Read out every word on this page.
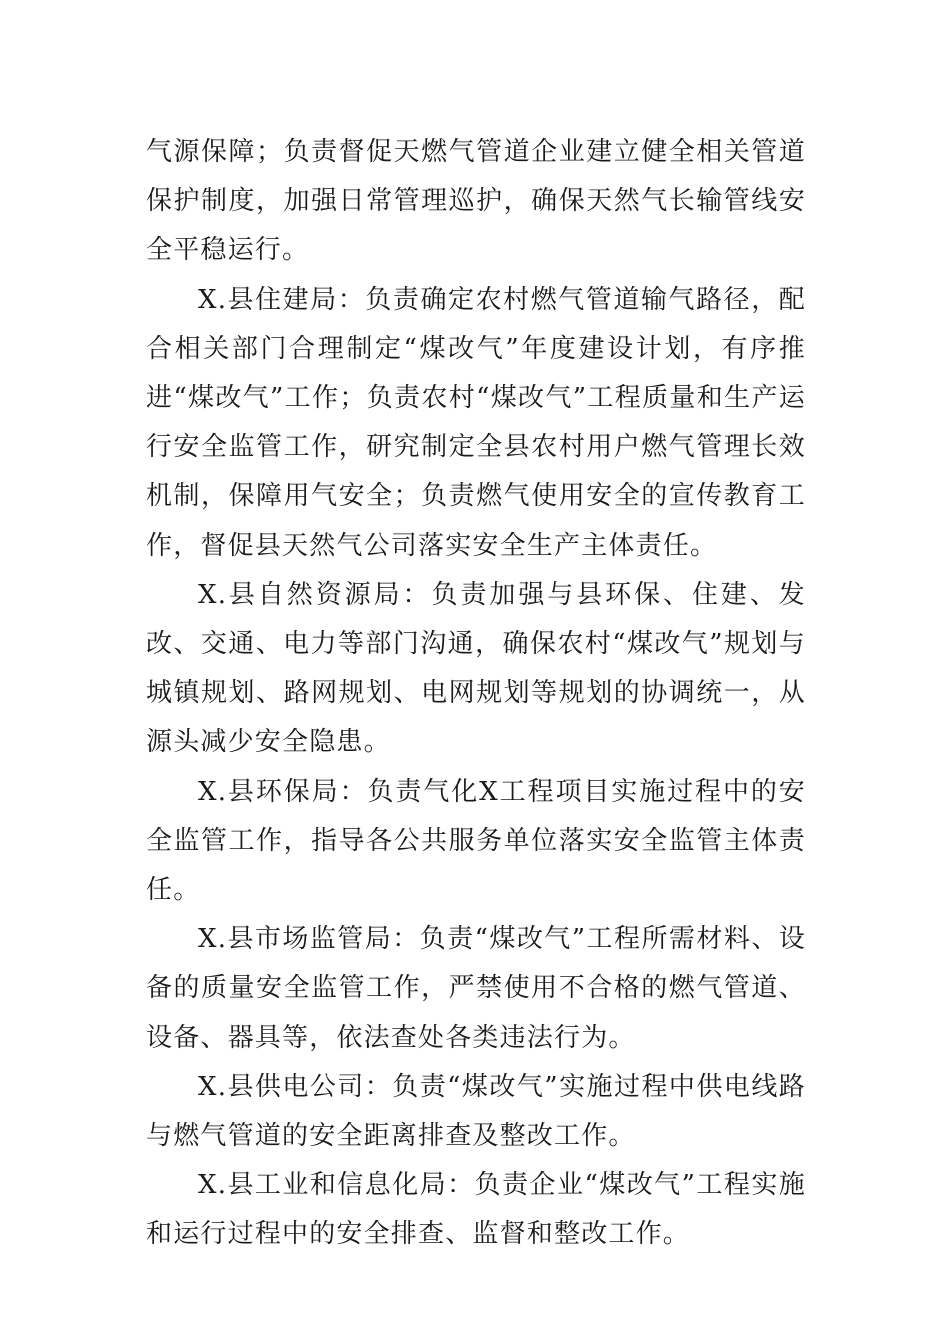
气源保障；负责督促天燃气管道企业建立健全相关管道保护制度，加强日常管理巡护，确保天然气长输管线安全平稳运行。

X.县住建局：负责确定农村燃气管道输气路径，配合相关部门合理制定“煤改气”年度建设计划，有序推进“煤改气”工作；负责农村“煤改气”工程质量和生产运行安全监管工作，研究制定全县农村用户燃气管理长效机制，保障用气安全；负责燃气使用安全的宣传教育工作，督促县天然气公司落实安全生产主体责任。

X.县自然资源局：负责加强与县环保、住建、发改、交通、电力等部门沟通，确保农村“煤改气”规划与城镇规划、路网规划、电网规划等规划的协调统一，从源头减少安全隐患。

X.县环保局：负责气化X工程项目实施过程中的安全监管工作，指导各公共服务单位落实安全监管主体责任。

X.县市场监管局：负责“煤改气”工程所需材料、设备的质量安全监管工作，严禁使用不合格的燃气管道、设备、器具等，依法查处各类违法行为。

X.县供电公司：负责“煤改气”实施过程中供电线路与燃气管道的安全距离排查及整改工作。

X.县工业和信息化局：负责企业“煤改气”工程实施和运行过程中的安全排查、监督和整改工作。
